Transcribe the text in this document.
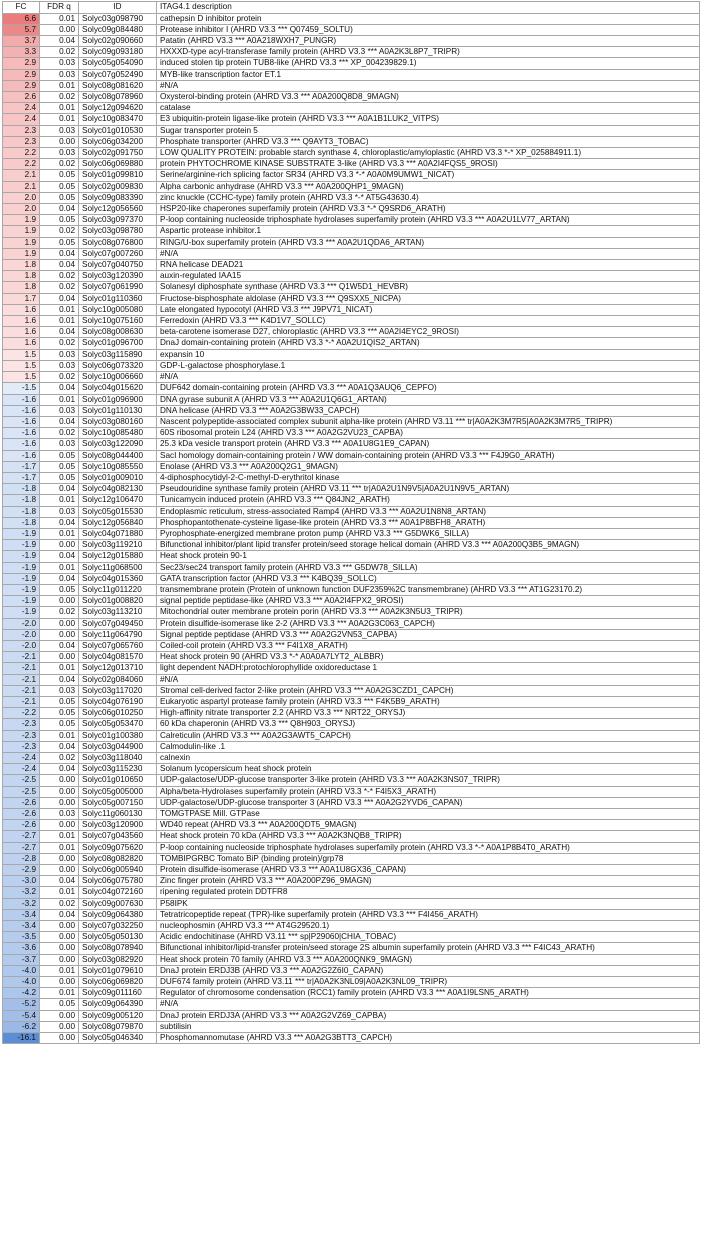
FC	FDR q	ID	ITAG4.1 description
6.6	0.01	Solyc03g098790	cathepsin D inhibitor protein
5.7	0.00	Solyc09g084480	Protease inhibitor I (AHRD V3.3 *** Q07459_SOLTU)
3.7	0.04	Solyc02g090660	Patatin (AHRD V3.3 *** A0A218WXH7_PUNGR)
3.3	0.02	Solyc09g093180	HXXXD-type acyl-transferase family protein (AHRD V3.3 *** A0A2K3L8P7_TRIPR)
2.9	0.03	Solyc05g054090	induced stolen tip protein TUB8-like (AHRD V3.3 *** XP_004239829.1)
2.9	0.03	Solyc07g052490	MYB-like transcription factor ET.1
2.9	0.01	Solyc08g081620	#N/A
2.6	0.02	Solyc08g078960	Oxysterol-binding protein (AHRD V3.3 *** A0A200Q8D8_9MAGN)
2.4	0.01	Solyc12g094620	catalase
2.4	0.01	Solyc10g083470	E3 ubiquitin-protein ligase-like protein (AHRD V3.3 *** A0A1B1LUK2_VITPS)
2.3	0.03	Solyc01g010530	Sugar transporter protein 5
2.3	0.00	Solyc06g034200	Phosphate transporter (AHRD V3.3 *** Q9AYT3_TOBAC)
2.2	0.03	Solyc02g091750	LOW QUALITY PROTEIN: probable starch synthase 4, chloroplastic/amyloplastic (AHRD V3.3 *-* XP_025884911.1)
2.2	0.02	Solyc06g069880	protein PHYTOCHROME KINASE SUBSTRATE 3-like (AHRD V3.3 *** A0A2I4FQS5_9ROSI)
2.1	0.05	Solyc01g099810	Serine/arginine-rich splicing factor SR34 (AHRD V3.3 *-* A0A0M9UMW1_NICAT)
2.1	0.05	Solyc02g009830	Alpha carbonic anhydrase (AHRD V3.3 *** A0A200QHP1_9MAGN)
2.0	0.05	Solyc09g083390	zinc knuckle (CCHC-type) family protein (AHRD V3.3 *-* AT5G43630.4)
2.0	0.04	Solyc12g056560	HSP20-like chaperones superfamily protein (AHRD V3.3 *-* Q9SRD6_ARATH)
1.9	0.05	Solyc03g097370	P-loop containing nucleoside triphosphate hydrolases superfamily protein (AHRD V3.3 *** A0A2U1LV77_ARTAN)
1.9	0.02	Solyc03g098780	Aspartic protease inhibitor.1
1.9	0.05	Solyc08g076800	RING/U-box superfamily protein (AHRD V3.3 *** A0A2U1QDA6_ARTAN)
1.9	0.04	Solyc07g007260	#N/A
1.8	0.04	Solyc07g040750	RNA helicase DEAD21
1.8	0.02	Solyc03g120390	auxin-regulated IAA15
1.8	0.02	Solyc07g061990	Solanesyl diphosphate synthase (AHRD V3.3 *** Q1W5D1_HEVBR)
1.7	0.04	Solyc01g110360	Fructose-bisphosphate aldolase (AHRD V3.3 *** Q9SXX5_NICPA)
1.6	0.01	Solyc10g005080	Late elongated hypocotyl (AHRD V3.3 *** J9PV71_NICAT)
1.6	0.01	Solyc10g075160	Ferredoxin (AHRD V3.3 *** K4D1V7_SOLLC)
1.6	0.04	Solyc08g008630	beta-carotene isomerase D27, chloroplastic (AHRD V3.3 *** A0A2I4EYC2_9ROSI)
1.6	0.02	Solyc01g096700	DnaJ domain-containing protein (AHRD V3.3 *-* A0A2U1QIS2_ARTAN)
1.5	0.03	Solyc03g115890	expansin 10
1.5	0.03	Solyc06g073320	GDP-L-galactose phosphorylase.1
1.5	0.02	Solyc10g006660	#N/A
-1.5	0.04	Solyc04g015620	DUF642 domain-containing protein (AHRD V3.3 *** A0A1Q3AUQ6_CEPFO)
-1.6	0.01	Solyc01g096900	DNA gyrase subunit A (AHRD V3.3 *** A0A2U1Q6G1_ARTAN)
-1.6	0.03	Solyc01g110130	DNA helicase (AHRD V3.3 *** A0A2G3BW33_CAPCH)
-1.6	0.04	Solyc03g080160	Nascent polypeptide-associated complex subunit alpha-like protein (AHRD V3.11 *** tr|A0A2K3M7R5|A0A2K3M7R5_TRIPR)
-1.6	0.02	Solyc10g085480	60S ribosomal protein L24 (AHRD V3.3 *** A0A2G2VU23_CAPBA)
-1.6	0.03	Solyc03g122090	25.3 kDa vesicle transport protein (AHRD V3.3 *** A0A1U8G1E9_CAPAN)
-1.6	0.05	Solyc08g044400	SacI homology domain-containing protein / WW domain-containing protein (AHRD V3.3 *** F4J9G0_ARATH)
-1.7	0.05	Solyc10g085550	Enolase (AHRD V3.3 *** A0A200Q2G1_9MAGN)
-1.7	0.05	Solyc01g009010	4-diphosphocytidyl-2-C-methyl-D-erythritol kinase
-1.8	0.04	Solyc04g082130	Pseudouridine synthase family protein (AHRD V3.11 *** tr|A0A2U1N9V5|A0A2U1N9V5_ARTAN)
-1.8	0.01	Solyc12g106470	Tunicamycin induced protein (AHRD V3.3 *** Q84JN2_ARATH)
-1.8	0.03	Solyc05g015530	Endoplasmic reticulum, stress-associated Ramp4 (AHRD V3.3 *** A0A2U1N8N8_ARTAN)
-1.8	0.04	Solyc12g056840	Phosphopantothenate-cysteine ligase-like protein (AHRD V3.3 *** A0A1P8BFH8_ARATH)
-1.9	0.01	Solyc04g071880	Pyrophosphate-energized membrane proton pump (AHRD V3.3 *** G5DWK6_SILLA)
-1.9	0.00	Solyc03g119210	Bifunctional inhibitor/plant lipid transfer protein/seed storage helical domain (AHRD V3.3 *** A0A200Q3B5_9MAGN)
-1.9	0.04	Solyc12g015880	Heat shock protein 90-1
-1.9	0.01	Solyc11g068500	Sec23/sec24 transport family protein (AHRD V3.3 *** G5DW78_SILLA)
-1.9	0.04	Solyc04g015360	GATA transcription factor (AHRD V3.3 *** K4BQ39_SOLLC)
-1.9	0.05	Solyc11g011220	transmembrane protein (Protein of unknown function DUF2359%2C transmembrane) (AHRD V3.3 *** AT1G23170.2)
-1.9	0.00	Solyc01g008820	signal peptide peptidase-like (AHRD V3.3 *** A0A2I4FPX2_9ROSI)
-1.9	0.02	Solyc03g113210	Mitochondrial outer membrane protein porin (AHRD V3.3 *** A0A2K3N5U3_TRIPR)
-2.0	0.00	Solyc07g049450	Protein disulfide-isomerase like 2-2 (AHRD V3.3 *** A0A2G3C063_CAPCH)
-2.0	0.00	Solyc11g064790	Signal peptide peptidase (AHRD V3.3 *** A0A2G2VN53_CAPBA)
-2.0	0.04	Solyc07g065760	Coiled-coil protein (AHRD V3.3 *** F4I1X8_ARATH)
-2.1	0.00	Solyc04g081570	Heat shock protein 90 (AHRD V3.3 *-* A0A0A7LYT2_ALBBR)
-2.1	0.01	Solyc12g013710	light dependent NADH:protochlorophyllide oxidoreductase 1
-2.1	0.04	Solyc02g084060	#N/A
-2.1	0.03	Solyc03g117020	Stromal cell-derived factor 2-like protein (AHRD V3.3 *** A0A2G3CZD1_CAPCH)
-2.1	0.05	Solyc04g076190	Eukaryotic aspartyl protease family protein (AHRD V3.3 *** F4K5B9_ARATH)
-2.2	0.05	Solyc06g010250	High-affinity nitrate transporter 2.2 (AHRD V3.3 *** NRT22_ORYSJ)
-2.3	0.05	Solyc05g053470	60 kDa chaperonin (AHRD V3.3 *** Q8H903_ORYSJ)
-2.3	0.01	Solyc01g100380	Calreticulin (AHRD V3.3 *** A0A2G3AWT5_CAPCH)
-2.3	0.04	Solyc03g044900	Calmodulin-like .1
-2.4	0.02	Solyc03g118040	calnexin
-2.4	0.04	Solyc03g115230	Solanum lycopersicum heat shock protein
-2.5	0.00	Solyc01g010650	UDP-galactose/UDP-glucose transporter 3-like protein (AHRD V3.3 *** A0A2K3NS07_TRIPR)
-2.5	0.00	Solyc05g005000	Alpha/beta-Hydrolases superfamily protein (AHRD V3.3 *-* F4I5X3_ARATH)
-2.6	0.00	Solyc05g007150	UDP-galactose/UDP-glucose transporter 3 (AHRD V3.3 *** A0A2G2YVD6_CAPAN)
-2.6	0.03	Solyc11g060130	TOMGTPASE Mill. GTPase
-2.6	0.00	Solyc03g120900	WD40 repeat (AHRD V3.3 *** A0A200QDT5_9MAGN)
-2.7	0.01	Solyc07g043560	Heat shock protein 70 kDa (AHRD V3.3 *** A0A2K3NQB8_TRIPR)
-2.7	0.01	Solyc09g075620	P-loop containing nucleoside triphosphate hydrolases superfamily protein (AHRD V3.3 *-* A0A1P8B4T0_ARATH)
-2.8	0.00	Solyc08g082820	TOMBIPGRBC Tomato BiP (binding protein)/grp78
-2.9	0.00	Solyc06g005940	Protein disulfide-isomerase (AHRD V3.3 *** A0A1U8GX36_CAPAN)
-3.0	0.04	Solyc06g075780	Zinc finger protein (AHRD V3.3 *** A0A200PZ96_9MAGN)
-3.2	0.01	Solyc04g072160	ripening regulated protein DDTFR8
-3.2	0.02	Solyc09g007630	P58IPK
-3.4	0.04	Solyc09g064380	Tetratricopeptide repeat (TPR)-like superfamily protein (AHRD V3.3 *** F4I456_ARATH)
-3.4	0.00	Solyc07g032250	nucleophosmin (AHRD V3.3 *** AT4G29520.1)
-3.5	0.00	Solyc05g050130	Acidic endochitinase (AHRD V3.11 *** sp|P29060|CHIA_TOBAC)
-3.6	0.00	Solyc08g078940	Bifunctional inhibitor/lipid-transfer protein/seed storage 2S albumin superfamily protein (AHRD V3.3 *** F4IC43_ARATH)
-3.7	0.00	Solyc03g082920	Heat shock protein 70 family (AHRD V3.3 *** A0A200QNK9_9MAGN)
-4.0	0.01	Solyc01g079610	DnaJ protein ERDJ3B (AHRD V3.3 *** A0A2G2Z6I0_CAPAN)
-4.0	0.00	Solyc06g069820	DUF674 family protein (AHRD V3.11 *** tr|A0A2K3NL09|A0A2K3NL09_TRIPR)
-4.2	0.01	Solyc09g011160	Regulator of chromosome condensation (RCC1) family protein (AHRD V3.3 *** A0A1I9LSN5_ARATH)
-5.2	0.05	Solyc09g064390	#N/A
-5.4	0.00	Solyc09g005120	DnaJ protein ERDJ3A (AHRD V3.3 *** A0A2G2VZ69_CAPBA)
-6.2	0.00	Solyc08g079870	subtilisin
-16.1	0.00	Solyc05g046340	Phosphomannomutase (AHRD V3.3 *** A0A2G3BTT3_CAPCH)
